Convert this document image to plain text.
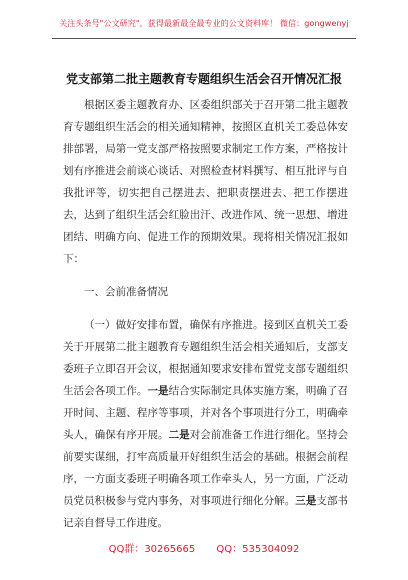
关注头条号"公文研究"，获得最新最全最专业的公文资料库！ 微信：gongwenyj
党支部第二批主题教育专题组织生活会召开情况汇报

根据区委主题教育办、区委组织部关于召开第二批主题教育专题组织生活会的相关通知精神，按照区直机关工委总体安排部署，局第一党支部严格按照要求制定工作方案，严格按计划有序推进会前谈心谈话、对照检查材料撰写、相互批评与自我批评等，切实把自己摆进去、把职责摆进去、把工作摆进去，达到了组织生活会红脸出汗、改进作风、统一思想、增进团结、明确方向、促进工作的预期效果。现将相关情况汇报如下：

一、会前准备情况

（一）做好安排布置，确保有序推进。接到区直机关工委关于开展第二批主题教育专题组织生活会相关通知后，支部支委班子立即召开会议，根据通知要求安排布置党支部专题组织生活会各项工作。一是结合实际制定具体实施方案，明确了召开时间、主题、程序等事项，并对各个事项进行分工，明确牵头人，确保有序开展。二是对会前准备工作进行细化。坚持会前要实谋细，打牢高质量开好组织生活会的基础。根据会前程序，一方面支委班子明确各项工作牵头人，另一方面，广泛动员党员积极参与党内事务，对事项进行细化分解。三是支部书记亲自督导工作进度。

QQ群：30265665 QQ：535304092
